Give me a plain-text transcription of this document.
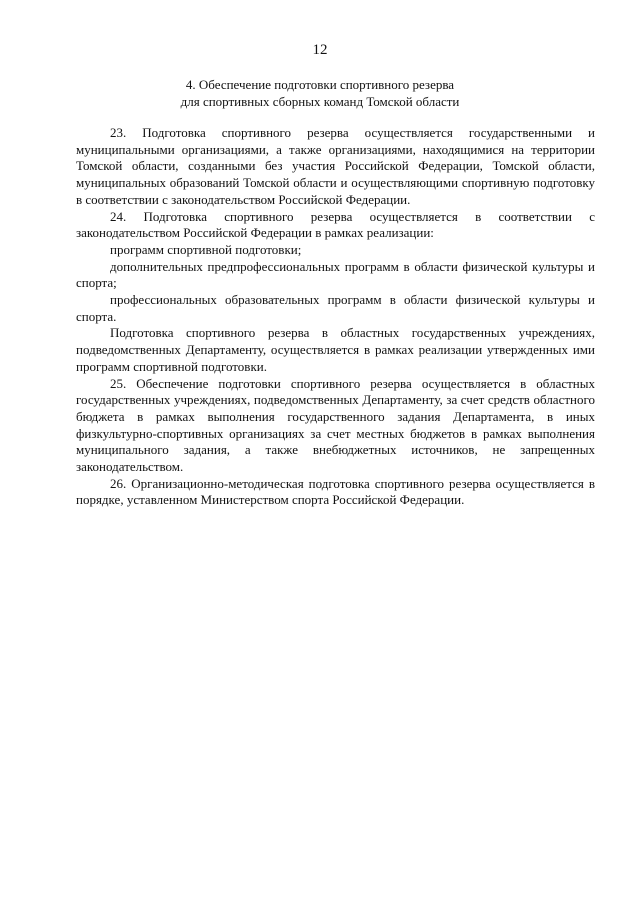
12
4. Обеспечение подготовки спортивного резерва
для спортивных сборных команд Томской области

23. Подготовка спортивного резерва осуществляется государственными и муниципальными организациями, а также организациями, находящимися на территории Томской области, созданными без участия Российской Федерации, Томской области, муниципальных образований Томской области и осуществляющими спортивную подготовку в соответствии с законодательством Российской Федерации.

24. Подготовка спортивного резерва осуществляется в соответствии с законодательством Российской Федерации в рамках реализации:

программ спортивной подготовки;

дополнительных предпрофессиональных программ в области физической культуры и спорта;

профессиональных образовательных программ в области физической культуры и спорта.

Подготовка спортивного резерва в областных государственных учреждениях, подведомственных Департаменту, осуществляется в рамках реализации утвержденных ими программ спортивной подготовки.

25. Обеспечение подготовки спортивного резерва осуществляется в областных государственных учреждениях, подведомственных Департаменту, за счет средств областного бюджета в рамках выполнения государственного задания Департамента, в иных физкультурно-спортивных организациях за счет местных бюджетов в рамках выполнения муниципального задания, а также внебюджетных источников, не запрещенных законодательством.

26. Организационно-методическая подготовка спортивного резерва осуществляется в порядке, уставленном Министерством спорта Российской Федерации.
